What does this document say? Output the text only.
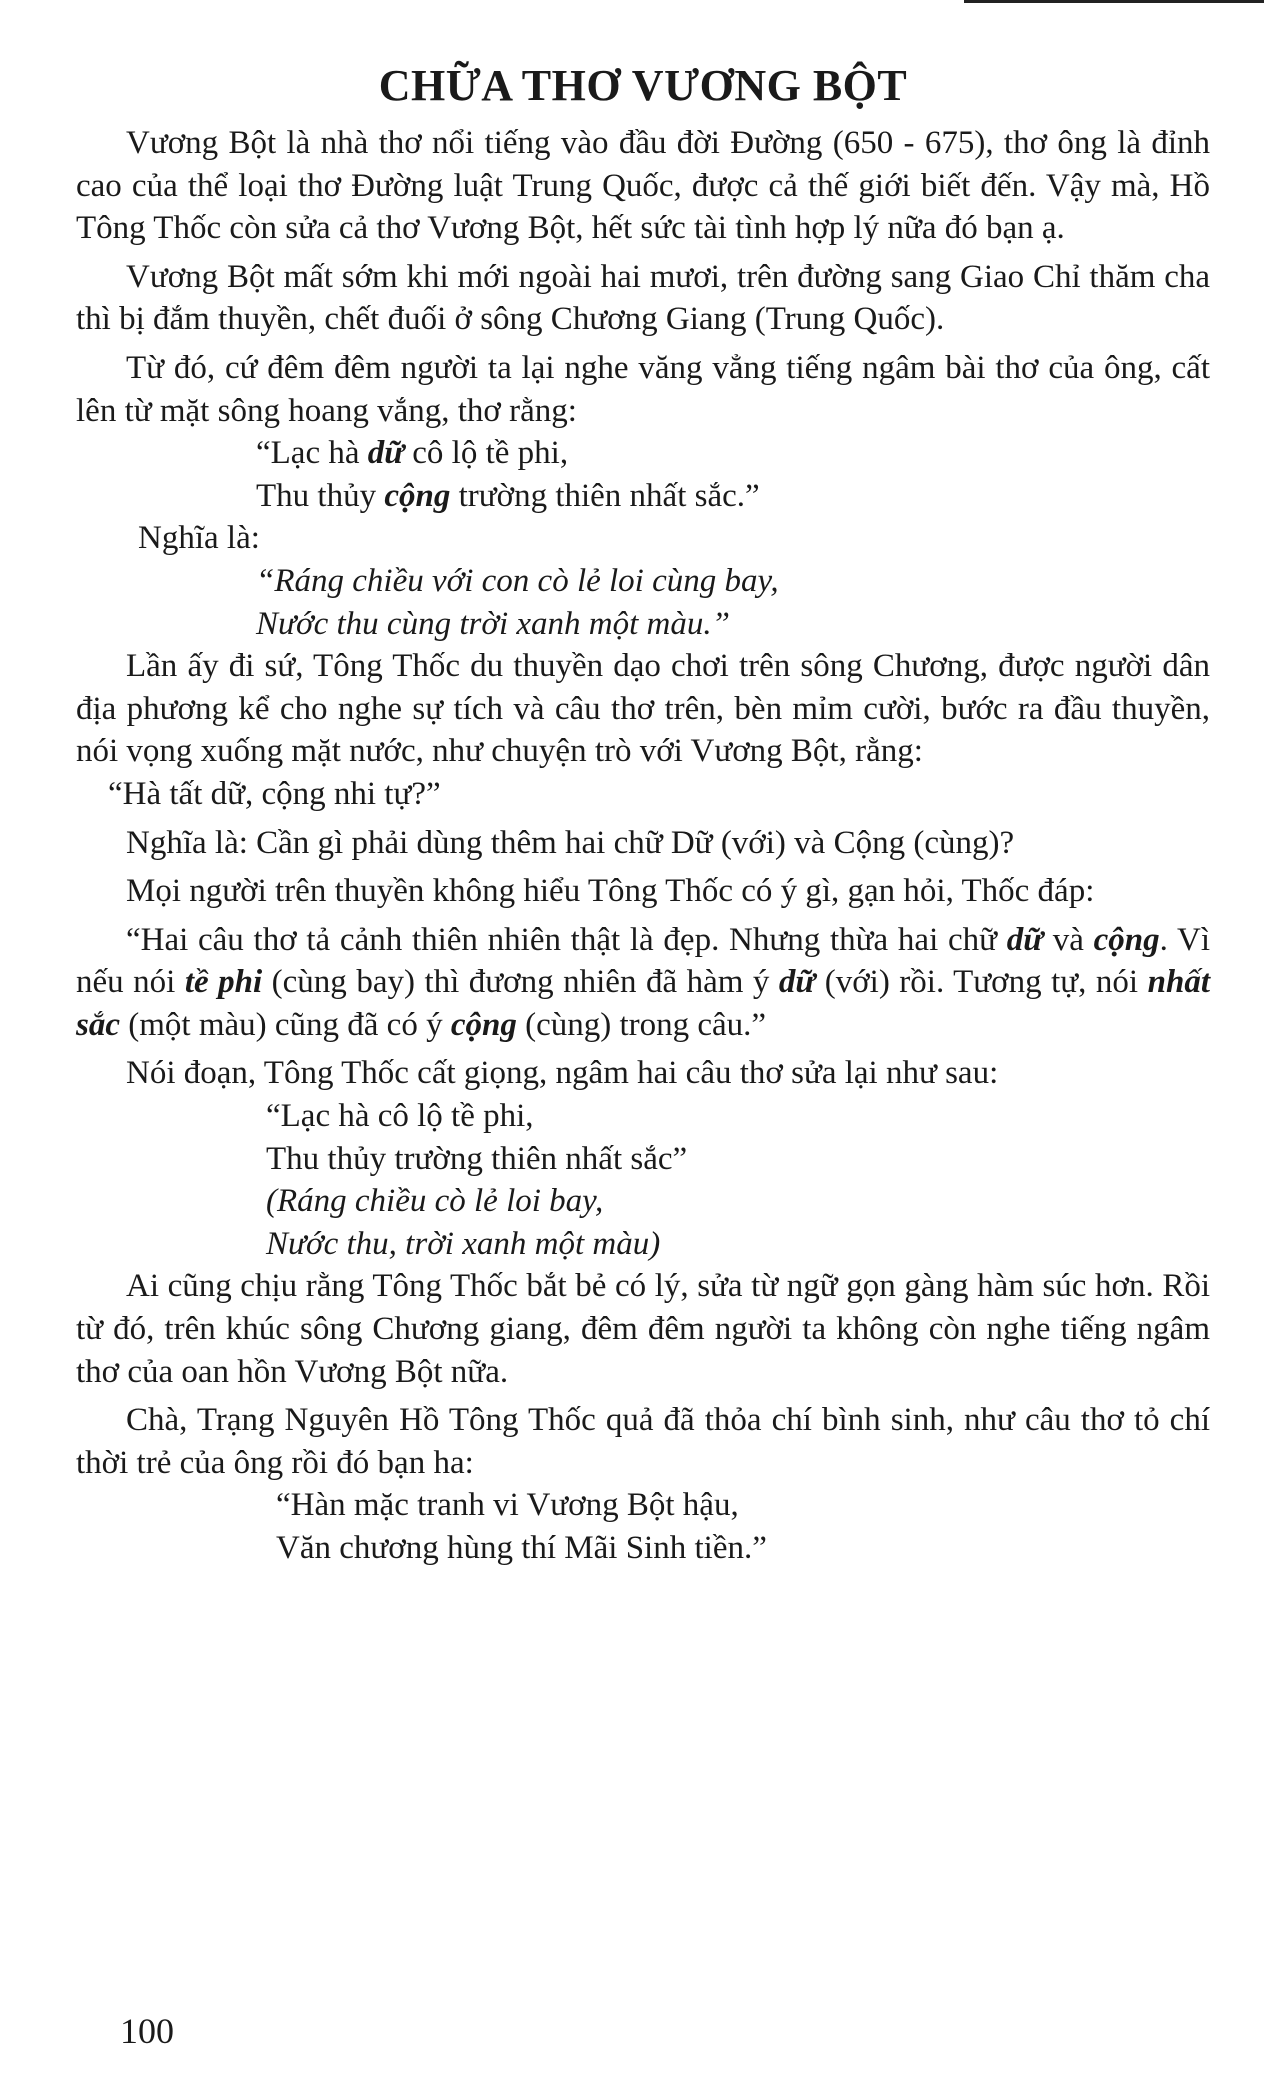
CHỮA THƠ VƯƠNG BỘT

Vương Bột là nhà thơ nổi tiếng vào đầu đời Đường (650 - 675), thơ ông là đỉnh cao của thể loại thơ Đường luật Trung Quốc, được cả thế giới biết đến. Vậy mà, Hồ Tông Thốc còn sửa cả thơ Vương Bột, hết sức tài tình hợp lý nữa đó bạn ạ.

Vương Bột mất sớm khi mới ngoài hai mươi, trên đường sang Giao Chỉ thăm cha thì bị đắm thuyền, chết đuối ở sông Chương Giang (Trung Quốc).

Từ đó, cứ đêm đêm người ta lại nghe văng vẳng tiếng ngâm bài thơ của ông, cất lên từ mặt sông hoang vắng, thơ rằng:

“Lạc hà dữ cô lộ tề phi,
Thu thủy cộng trường thiên nhất sắc.”

Nghĩa là:

“Ráng chiều với con cò lẻ loi cùng bay,
Nước thu cùng trời xanh một màu.”

Lần ấy đi sứ, Tông Thốc du thuyền dạo chơi trên sông Chương, được người dân địa phương kể cho nghe sự tích và câu thơ trên, bèn mỉm cười, bước ra đầu thuyền, nói vọng xuống mặt nước, như chuyện trò với Vương Bột, rằng:

“Hà tất dữ, cộng nhi tự?”

Nghĩa là: Cần gì phải dùng thêm hai chữ Dữ (với) và Cộng (cùng)?

Mọi người trên thuyền không hiểu Tông Thốc có ý gì, gạn hỏi, Thốc đáp:

“Hai câu thơ tả cảnh thiên nhiên thật là đẹp. Nhưng thừa hai chữ dữ và cộng. Vì nếu nói tề phi (cùng bay) thì đương nhiên đã hàm ý dữ (với) rồi. Tương tự, nói nhất sắc (một màu) cũng đã có ý cộng (cùng) trong câu.”

Nói đoạn, Tông Thốc cất giọng, ngâm hai câu thơ sửa lại như sau:

“Lạc hà cô lộ tề phi,
Thu thủy trường thiên nhất sắc”
(Ráng chiều cò lẻ loi bay,
Nước thu, trời xanh một màu)

Ai cũng chịu rằng Tông Thốc bắt bẻ có lý, sửa từ ngữ gọn gàng hàm súc hơn. Rồi từ đó, trên khúc sông Chương giang, đêm đêm người ta không còn nghe tiếng ngâm thơ của oan hồn Vương Bột nữa.

Chà, Trạng Nguyên Hồ Tông Thốc quả đã thỏa chí bình sinh, như câu thơ tỏ chí thời trẻ của ông rồi đó bạn ha:

“Hàn mặc tranh vi Vương Bột hậu,
Văn chương hùng thí Mãi Sinh tiền.”
100
